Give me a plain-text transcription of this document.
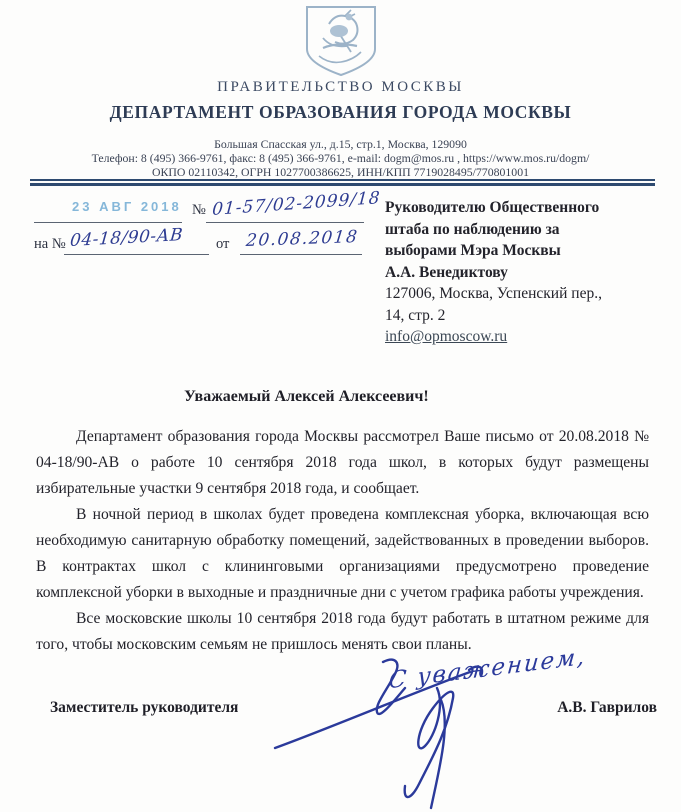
ПРАВИТЕЛЬСТВО МОСКВЫ
ДЕПАРТАМЕНТ ОБРАЗОВАНИЯ ГОРОДА МОСКВЫ
Большая Спасская ул., д.15, стр.1, Москва, 129090
Телефон: 8 (495) 366-9761, факс: 8 (495) 366-9761, e-mail: dogm@mos.ru , https://www.mos.ru/dogm/
ОКПО 02110342, ОГРН 1027700386625, ИНН/КПП 7719028495/770801001
23 АВГ 2018 № 01-57/02-2099/18
на № 04-18/90-АВ от 20.08.2018
Руководителю Общественного
штаба по наблюдению за
выборами Мэра Москвы
А.А. Венедиктову
127006, Москва, Успенский пер.,
14, стр. 2
info@opmoscow.ru
Уважаемый Алексей Алексеевич!

Департамент образования города Москвы рассмотрел Ваше письмо от 20.08.2018 № 04-18/90-АВ о работе 10 сентября 2018 года школ, в которых будут размещены избирательные участки 9 сентября 2018 года, и сообщает.

В ночной период в школах будет проведена комплексная уборка, включающая всю необходимую санитарную обработку помещений, задействованных в проведении выборов. В контрактах школ с клининговыми организациями предусмотрено проведение комплексной уборки в выходные и праздничные дни с учетом графика работы учреждения.

Все московские школы 10 сентября 2018 года будут работать в штатном режиме для того, чтобы московским семьям не пришлось менять свои планы.

Заместитель руководителя
С уважением,
А.В. Гаврилов
